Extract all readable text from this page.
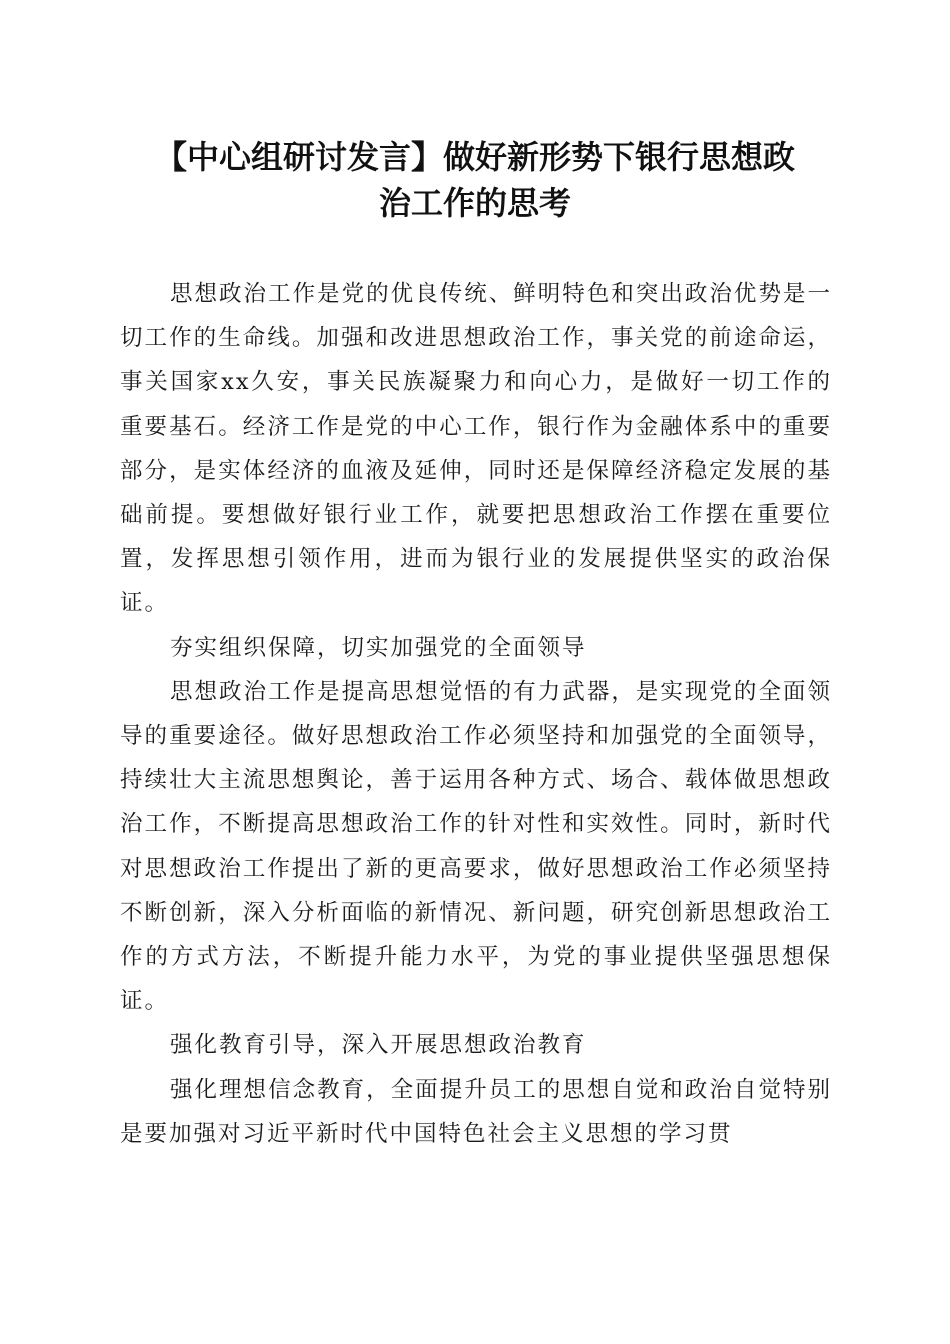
【中心组研讨发言】做好新形势下银行思想政
治工作的思考

思想政治工作是党的优良传统、鲜明特色和突出政治优势是一切工作的生命线。加强和改进思想政治工作，事关党的前途命运，事关国家xx久安，事关民族凝聚力和向心力，是做好一切工作的重要基石。经济工作是党的中心工作，银行作为金融体系中的重要部分，是实体经济的血液及延伸，同时还是保障经济稳定发展的基础前提。要想做好银行业工作，就要把思想政治工作摆在重要位置，发挥思想引领作用，进而为银行业的发展提供坚实的政治保证。

夯实组织保障，切实加强党的全面领导

思想政治工作是提高思想觉悟的有力武器，是实现党的全面领导的重要途径。做好思想政治工作必须坚持和加强党的全面领导，持续壮大主流思想舆论，善于运用各种方式、场合、载体做思想政治工作，不断提高思想政治工作的针对性和实效性。同时，新时代对思想政治工作提出了新的更高要求，做好思想政治工作必须坚持不断创新，深入分析面临的新情况、新问题，研究创新思想政治工作的方式方法，不断提升能力水平，为党的事业提供坚强思想保证。

强化教育引导，深入开展思想政治教育

强化理想信念教育，全面提升员工的思想自觉和政治自觉特别是要加强对习近平新时代中国特色社会主义思想的学习贯
